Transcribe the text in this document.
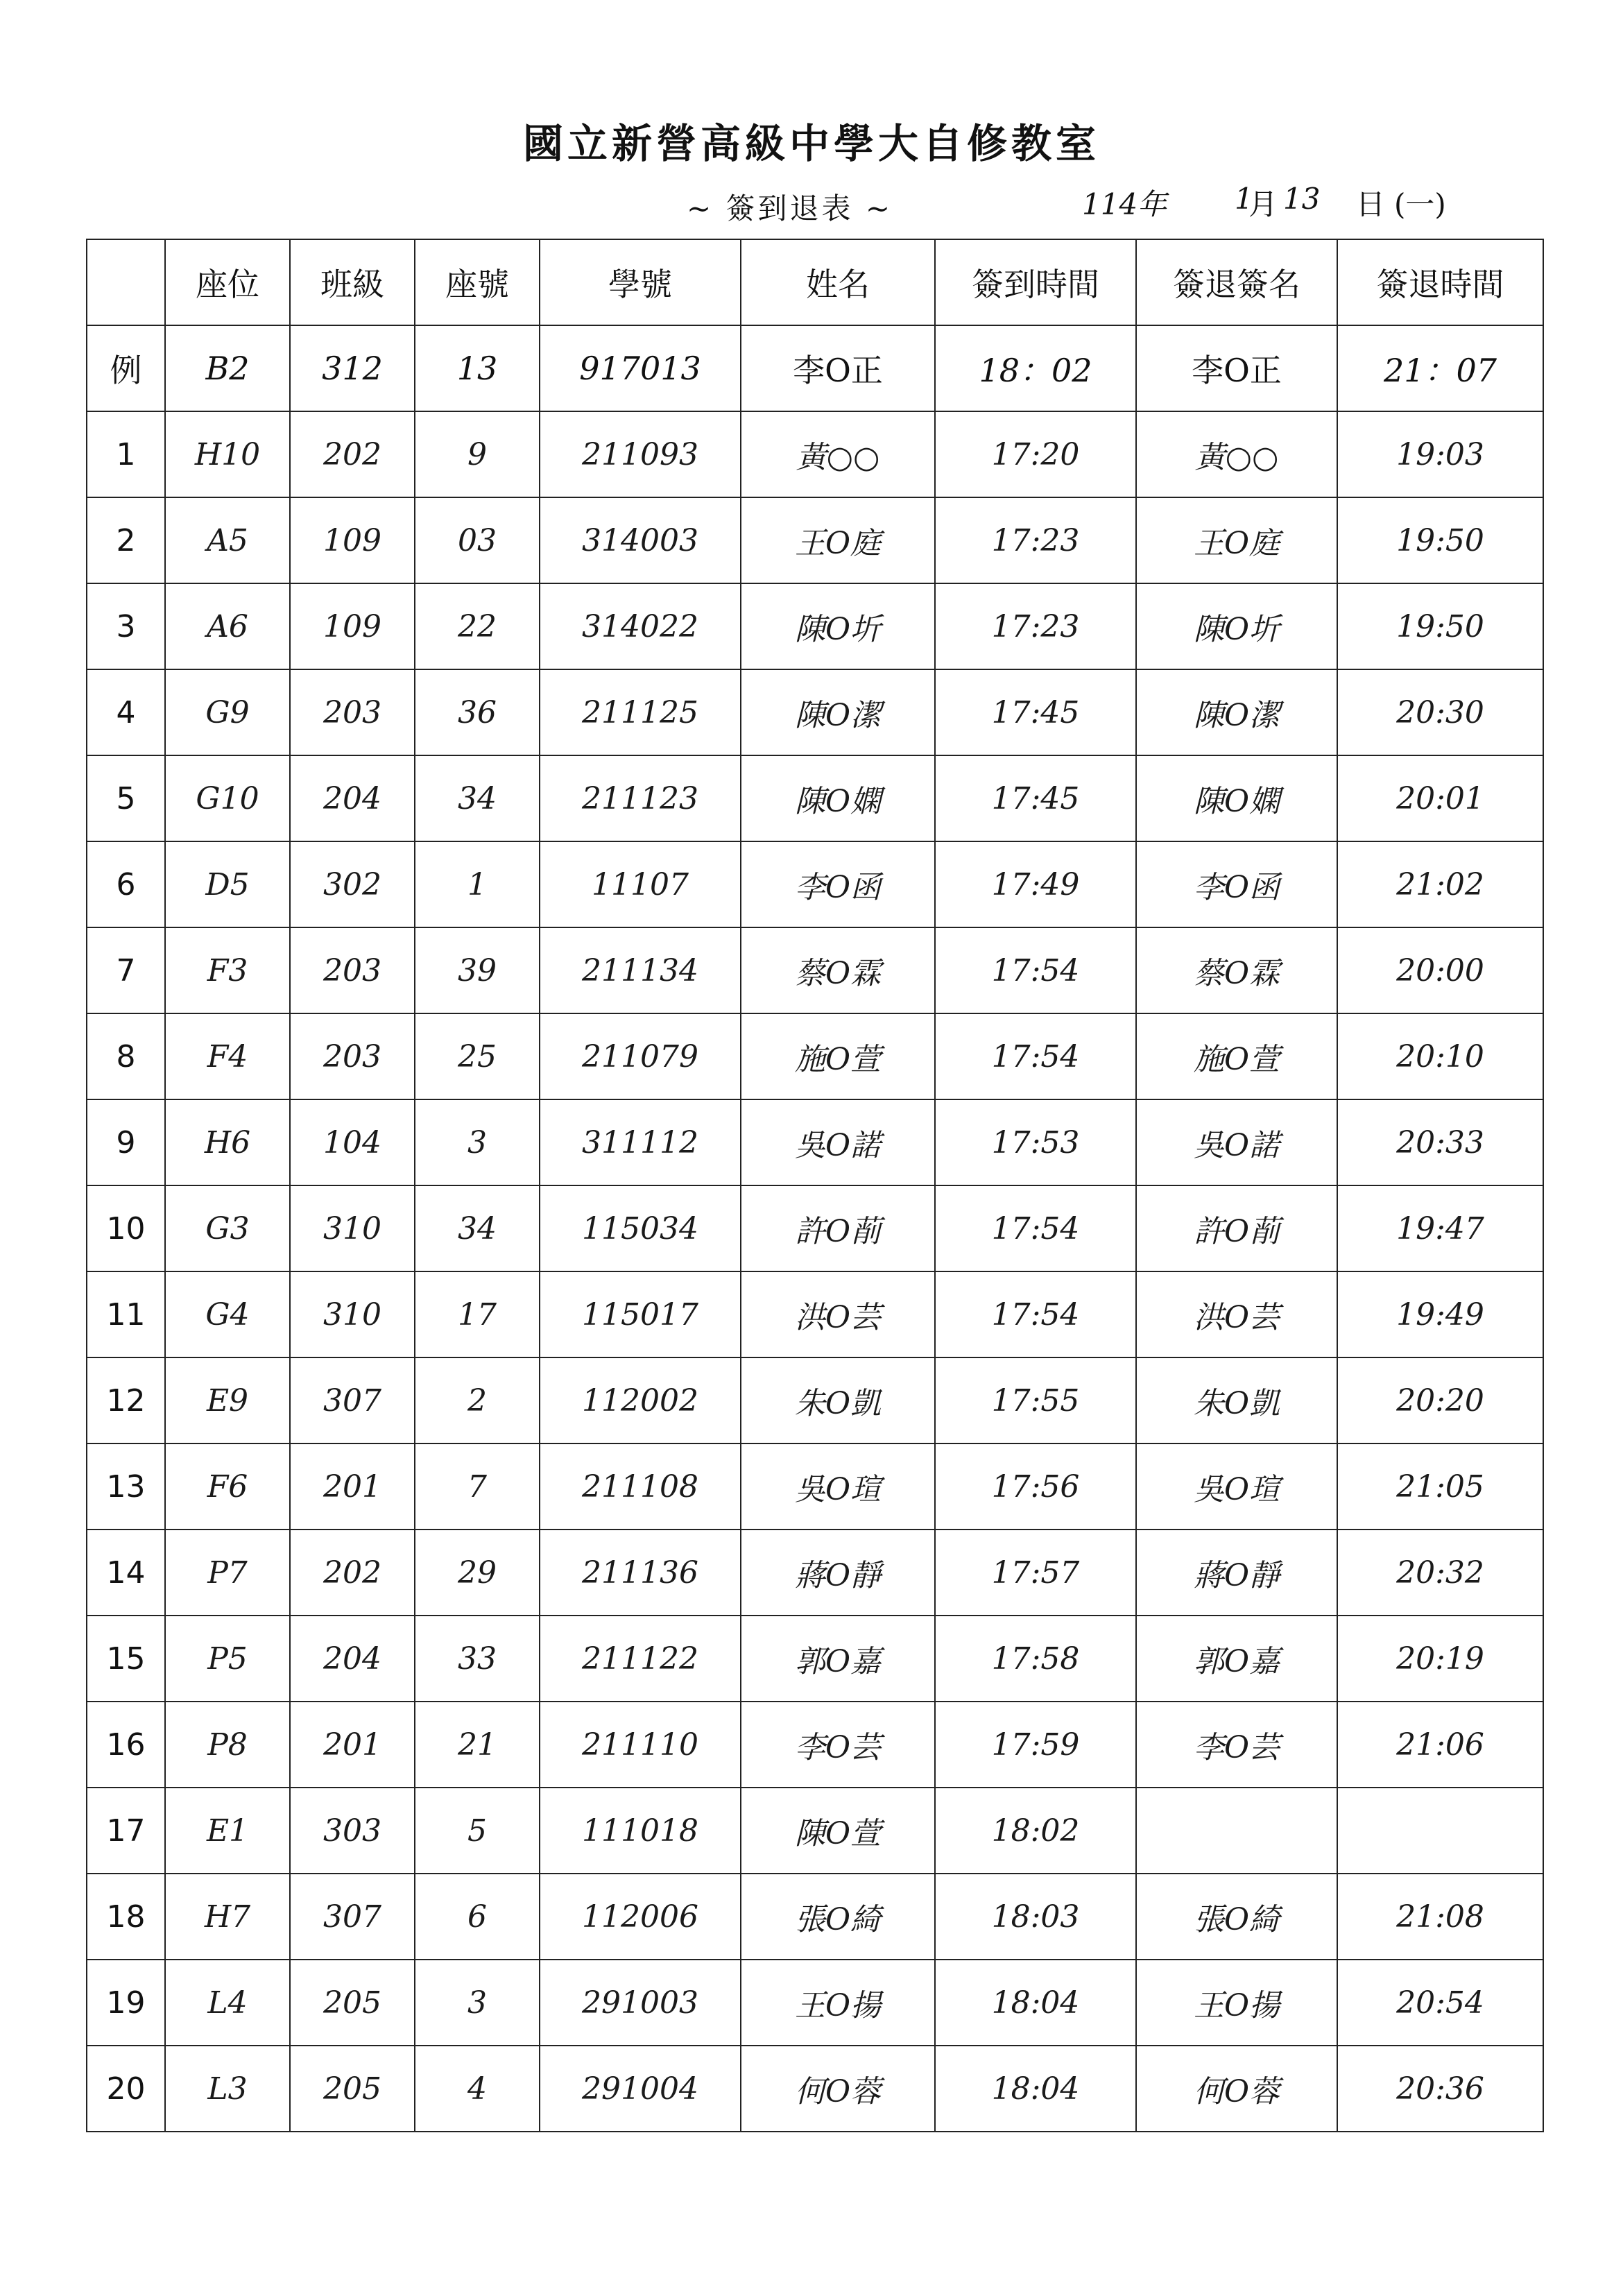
國立新營高級中學大自修教室
~ 簽到退表 ~	114年 1
月 13 日 (一)
	座位	班級	座號	學號	姓名	簽到時間	簽退簽名	簽退時間
例	B2	312	13	917013	李O正	18：02	李O正	21：07
1	H10	202	9	211093	黃○○	17:20	黃○○	19:03
2	A5	109	03	314003	王O庭	17:23	王O庭	19:50
3	A6	109	22	314022	陳O圻	17:23	陳O圻	19:50
4	G9	203	36	211125	陳O潔	17:45	陳O潔	20:30
5	G10	204	34	211123	陳O嫻	17:45	陳O嫻	20:01
6	D5	302	1	11107	李O函	17:49	李O函	21:02
7	F3	203	39	211134	蔡O霖	17:54	蔡O霖	20:00
8	F4	203	25	211079	施O萱	17:54	施O萱	20:10
9	H6	104	3	311112	吳O諾	17:53	吳O諾	20:33
10	G3	310	34	115034	許O萷	17:54	許O萷	19:47
11	G4	310	17	115017	洪O芸	17:54	洪O芸	19:49
12	E9	307	2	112002	朱O凱	17:55	朱O凱	20:20
13	F6	201	7	211108	吳O瑄	17:56	吳O瑄	21:05
14	P7	202	29	211136	蔣O靜	17:57	蔣O靜	20:32
15	P5	204	33	211122	郭O嘉	17:58	郭O嘉	20:19
16	P8	201	21	211110	李O芸	17:59	李O芸	21:06
17	E1	303	5	111018	陳O萱	18:02		
18	H7	307	6	112006	張O綺	18:03	張O綺	21:08
19	L4	205	3	291003	王O揚	18:04	王O揚	20:54
20	L3	205	4	291004	何O蓉	18:04	何O蓉	20:36
